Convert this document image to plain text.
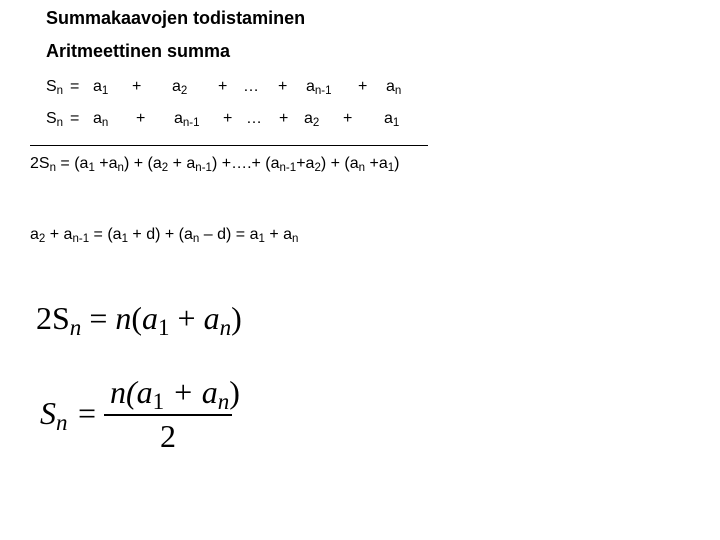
Summakaavojen todistaminen
Aritmeettinen summa
$S_n = a_1 + a_2$ + … + $a_{n-1} + a_n$
$S_n = a_n + a_{n-1}$ + … + $a_2 + a_1$
$2S_n = (a_1 +a_n) + (a_2 + a_{n-1})$ +….+ $(a_{n-1}+a_2) + (a_n +a_1)$
$a_2 + a_{n-1} = (a_1 + d) + (a_n - d) = a_1 + a_n$
$2S_n = n(a_1 + a_n)$
$S_n$ =
$n(a_1 + a_n)$
2
